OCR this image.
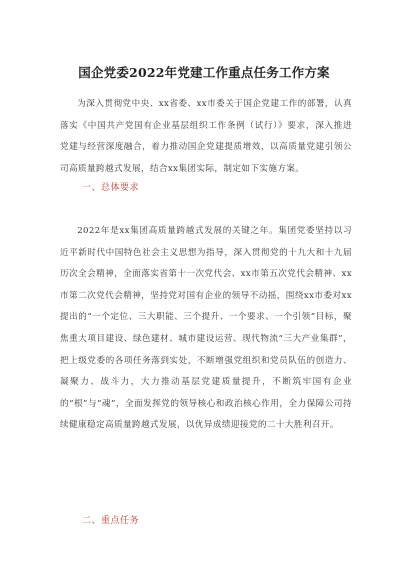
国企党委2022年党建工作重点任务工作方案

为深入贯彻党中央、xx省委、xx市委关于国企党建工作的部署，认真落实《中国共产党国有企业基层组织工作条例（试行）》要求，深入推进党建与经营深度融合，着力推动国企党建提质增效，以高质量党建引领公司高质量跨越式发展，结合xx集团实际，制定如下实施方案。

一、总体要求

2022年是xx集团高质量跨越式发展的关键之年。集团党委坚持以习近平新时代中国特色社会主义思想为指导，深入贯彻党的十九大和十九届历次全会精神，全面落实省第十一次党代会、xx市第五次党代会精神、xx市第二次党代会精神，坚持党对国有企业的领导不动摇，围绕xx市委对xx提出的“一个定位、三大职能、三个提升、一个要求、一个引领”目标，聚焦重大项目建设、绿色建材、城市建设运营、现代物流“三大产业集群”，把上级党委的各项任务落到实处，不断增强党组织和党员队伍的创造力、凝聚力、战斗力，大力推动基层党建质量提升，不断筑牢国有企业的“根”与“魂”，全面发挥党的领导核心和政治核心作用，全力保障公司持续健康稳定高质量跨越式发展，以优异成绩迎接党的二十大胜利召开。

二、重点任务
